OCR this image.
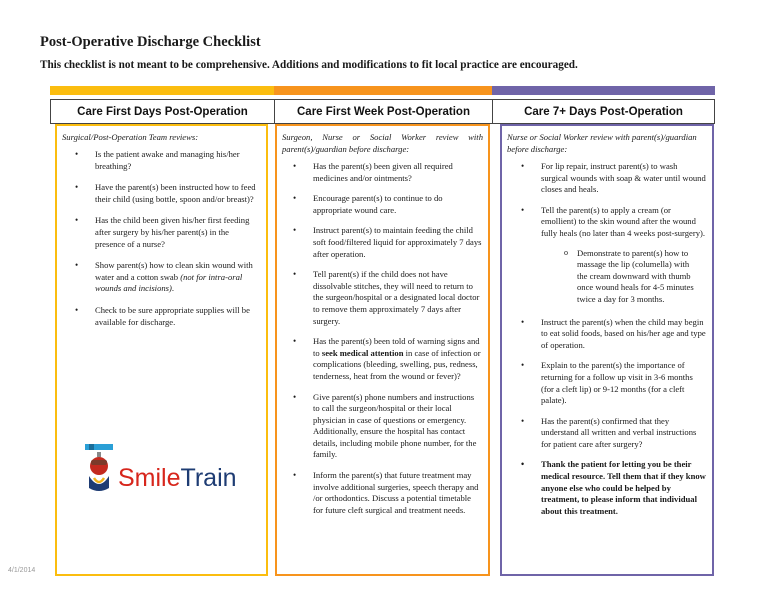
Post-Operative Discharge Checklist
This checklist is not meant to be comprehensive. Additions and modifications to fit local practice are encouraged.
Care First Days Post-Operation	Care First Week Post-Operation	Care 7+ Days Post-Operation
Surgical/Post-Operation Team reviews:
• Is the patient awake and managing his/her breathing?
• Have the parent(s) been instructed how to feed their child (using bottle, spoon and/or breast)?
• Has the child been given his/her first feeding after surgery by his/her parent(s) in the presence of a nurse?
• Show parent(s) how to clean skin wound with water and a cotton swab (not for intra-oral wounds and incisions).
• Check to be sure appropriate supplies will be available for discharge.
SmileTrain
Surgeon, Nurse or Social Worker review with parent(s)/guardian before discharge:
• Has the parent(s) been given all required medicines and/or ointments?
• Encourage parent(s) to continue to do appropriate wound care.
• Instruct parent(s) to maintain feeding the child soft food/filtered liquid for approximately 7 days after operation.
• Tell parent(s) if the child does not have dissolvable stitches, they will need to return to the surgeon/hospital or a designated local doctor to remove them approximately 7 days after surgery.
• Has the parent(s) been told of warning signs and to seek medical attention in case of infection or complications (bleeding, swelling, pus, redness, tenderness, heat from the wound or fever)?
• Give parent(s) phone numbers and instructions to call the surgeon/hospital or their local physician in case of questions or emergency. Additionally, ensure the hospital has contact details, including mobile phone number, for the family.
• Inform the parent(s) that future treatment may involve additional surgeries, speech therapy and /or orthodontics. Discuss a potential timetable for future cleft surgical and treatment needs.
Nurse or Social Worker review with parent(s)/guardian before discharge:
• For lip repair, instruct parent(s) to wash surgical wounds with soap & water until wound closes and heals.
• Tell the parent(s) to apply a cream (or emollient) to the skin wound after the wound fully heals (no later than 4 weeks post-surgery).
o Demonstrate to parent(s) how to massage the lip (columella) with the cream downward with thumb once wound heals for 4-5 minutes twice a day for 3 months.
• Instruct the parent(s) when the child may begin to eat solid foods, based on his/her age and type of operation.
• Explain to the parent(s) the importance of returning for a follow up visit in 3-6 months (for a cleft lip) or 9-12 months (for a cleft palate).
• Has the parent(s) confirmed that they understand all written and verbal instructions for patient care after surgery?
• Thank the patient for letting you be their medical resource. Tell them that if they know anyone else who could be helped by treatment, to please inform that individual about this treatment.
4/1/2014
